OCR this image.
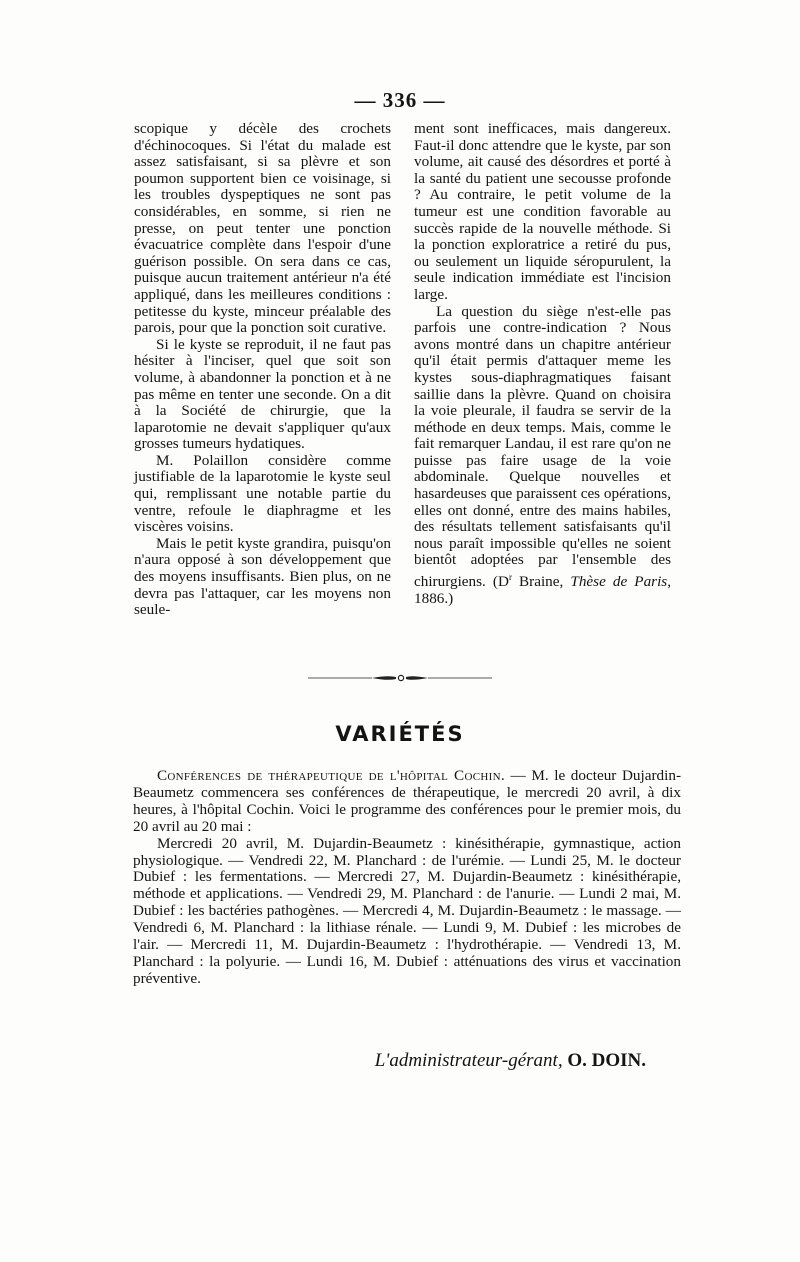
— 336 —

scopique y décèle des crochets d'échinocoques. Si l'état du malade est assez satisfaisant, si sa plèvre et son poumon supportent bien ce voisinage, si les troubles dyspeptiques ne sont pas considérables, en somme, si rien ne presse, on peut tenter une ponction évacuatrice complète dans l'espoir d'une guérison possible. On sera dans ce cas, puisque aucun traitement antérieur n'a été appliqué, dans les meilleures conditions : petitesse du kyste, minceur préalable des parois, pour que la ponction soit curative.

Si le kyste se reproduit, il ne faut pas hésiter à l'inciser, quel que soit son volume, à abandonner la ponction et à ne pas même en tenter une seconde. On a dit à la Société de chirurgie, que la laparotomie ne devait s'appliquer qu'aux grosses tumeurs hydatiques.

M. Polaillon considère comme justifiable de la laparotomie le kyste seul qui, remplissant une notable partie du ventre, refoule le diaphragme et les viscères voisins.

Mais le petit kyste grandira, puisqu'on n'aura opposé à son développement que des moyens insuffisants. Bien plus, on ne devra pas l'attaquer, car les moyens non seule-

ment sont inefficaces, mais dangereux. Faut-il donc attendre que le kyste, par son volume, ait causé des désordres et porté à la santé du patient une secousse profonde ? Au contraire, le petit volume de la tumeur est une condition favorable au succès rapide de la nouvelle méthode. Si la ponction exploratrice a retiré du pus, ou seulement un liquide séropurulent, la seule indication immédiate est l'incision large.

La question du siège n'est-elle pas parfois une contre-indication ? Nous avons montré dans un chapitre antérieur qu'il était permis d'attaquer meme les kystes sous-diaphragmatiques faisant saillie dans la plèvre. Quand on choisira la voie pleurale, il faudra se servir de la méthode en deux temps. Mais, comme le fait remarquer Landau, il est rare qu'on ne puisse pas faire usage de la voie abdominale. Quelque nouvelles et hasardeuses que paraissent ces opérations, elles ont donné, entre des mains habiles, des résultats tellement satisfaisants qu'il nous paraît impossible qu'elles ne soient bientôt adoptées par l'ensemble des chirurgiens. ($D^r$ Braine, Thèse de Paris, 1886.)

VARIÉTÉS

Conférences de thérapeutique de l'hôpital Cochin. — M. le docteur Dujardin-Beaumetz commencera ses conférences de thérapeutique, le mercredi 20 avril, à dix heures, à l'hôpital Cochin. Voici le programme des conférences pour le premier mois, du 20 avril au 20 mai :

Mercredi 20 avril, M. Dujardin-Beaumetz : kinésithérapie, gymnastique, action physiologique. — Vendredi 22, M. Planchard : de l'urémie. — Lundi 25, M. le docteur Dubief : les fermentations. — Mercredi 27, M. Dujardin-Beaumetz : kinésithérapie, méthode et applications. — Vendredi 29, M. Planchard : de l'anurie. — Lundi 2 mai, M. Dubief : les bactéries pathogènes. — Mercredi 4, M. Dujardin-Beaumetz : le massage. — Vendredi 6, M. Planchard : la lithiase rénale. — Lundi 9, M. Dubief : les microbes de l'air. — Mercredi 11, M. Dujardin-Beaumetz : l'hydrothérapie. — Vendredi 13, M. Planchard : la polyurie. — Lundi 16, M. Dubief : atténuations des virus et vaccination préventive.

L'administrateur-gérant, O. DOIN.
